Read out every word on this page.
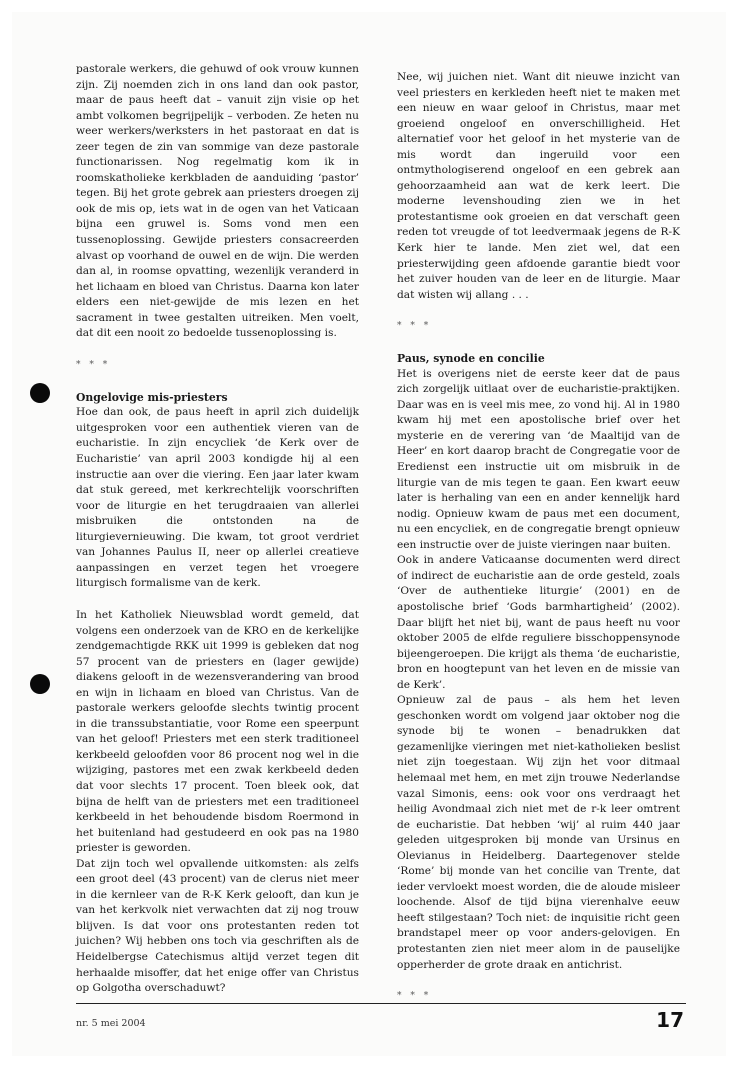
pastorale werkers, die gehuwd of ook vrouw kunnen zijn. Zij noemden zich in ons land dan ook pastor, maar de paus heeft dat – vanuit zijn visie op het ambt volkomen begrijpelijk – verboden. Ze heten nu weer werkers/werksters in het pastoraat en dat is zeer tegen de zin van sommige van deze pastorale functionarissen. Nog regelmatig kom ik in roomskatholieke kerkbladen de aanduiding ‘pastor’ tegen. Bij het grote gebrek aan priesters droegen zij ook de mis op, iets wat in de ogen van het Vaticaan bijna een gruwel is. Soms vond men een tussenoplossing. Gewijde priesters consacreerden alvast op voorhand de ouwel en de wijn. Die werden dan al, in roomse opvatting, wezenlijk veranderd in het lichaam en bloed van Christus. Daarna kon later elders een niet-gewijde de mis lezen en het sacrament in twee gestalten uitreiken. Men voelt, dat dit een nooit zo bedoelde tussenoplossing is.

* * *
Ongelovige mis-priesters

Hoe dan ook, de paus heeft in april zich duidelijk uitgesproken voor een authentiek vieren van de eucharistie. In zijn encycliek ‘de Kerk over de Eucharistie’ van april 2003 kondigde hij al een instructie aan over die viering. Een jaar later kwam dat stuk gereed, met kerkrechtelijk voorschriften voor de liturgie en het terugdraaien van allerlei misbruiken die ontstonden na de liturgievernieuwing. Die kwam, tot groot verdriet van Johannes Paulus II, neer op allerlei creatieve aanpassingen en verzet tegen het vroegere liturgisch formalisme van de kerk.

In het Katholiek Nieuwsblad wordt gemeld, dat volgens een onderzoek van de KRO en de kerkelijke zendgemachtigde RKK uit 1999 is gebleken dat nog 57 procent van de priesters en (lager gewijde) diakens gelooft in de wezensverandering van brood en wijn in lichaam en bloed van Christus. Van de pastorale werkers geloofde slechts twintig procent in die transsubstantiatie, voor Rome een speerpunt van het geloof! Priesters met een sterk traditioneel kerkbeeld geloofden voor 86 procent nog wel in die wijziging, pastores met een zwak kerkbeeld deden dat voor slechts 17 procent. Toen bleek ook, dat bijna de helft van de priesters met een traditioneel kerkbeeld in het behoudende bisdom Roermond in het buitenland had gestudeerd en ook pas na 1980 priester is geworden.

Dat zijn toch wel opvallende uitkomsten: als zelfs een groot deel (43 procent) van de clerus niet meer in die kernleer van de R-K Kerk gelooft, dan kun je van het kerkvolk niet verwachten dat zij nog trouw blijven. Is dat voor ons protestanten reden tot juichen? Wij hebben ons toch via geschriften als de Heidelbergse Catechismus altijd verzet tegen dit herhaalde misoffer, dat het enige offer van Christus op Golgotha overschaduwt?

Nee, wij juichen niet. Want dit nieuwe inzicht van veel priesters en kerkleden heeft niet te maken met een nieuw en waar geloof in Christus, maar met groeiend ongeloof en onverschilligheid. Het alternatief voor het geloof in het mysterie van de mis wordt dan ingeruild voor een ontmythologiserend ongeloof en een gebrek aan gehoorzaamheid aan wat de kerk leert. Die moderne levenshouding zien we in het protestantisme ook groeien en dat verschaft geen reden tot vreugde of tot leedvermaak jegens de R-K Kerk hier te lande. Men ziet wel, dat een priesterwijding geen afdoende garantie biedt voor het zuiver houden van de leer en de liturgie. Maar dat wisten wij allang . . .

* * *
Paus, synode en concilie

Het is overigens niet de eerste keer dat de paus zich zorgelijk uitlaat over de eucharistie-praktijken. Daar was en is veel mis mee, zo vond hij. Al in 1980 kwam hij met een apostolische brief over het mysterie en de verering van ‘de Maaltijd van de Heer’ en kort daarop bracht de Congregatie voor de Eredienst een instructie uit om misbruik in de liturgie van de mis tegen te gaan. Een kwart eeuw later is herhaling van een en ander kennelijk hard nodig. Opnieuw kwam de paus met een document, nu een encycliek, en de congregatie brengt opnieuw een instructie over de juiste vieringen naar buiten.

Ook in andere Vaticaanse documenten werd direct of indirect de eucharistie aan de orde gesteld, zoals ‘Over de authentieke liturgie’ (2001) en de apostolische brief ‘Gods barmhartigheid’ (2002). Daar blijft het niet bij, want de paus heeft nu voor oktober 2005 de elfde reguliere bisschoppensynode bijeengeroepen. Die krijgt als thema ‘de eucharistie, bron en hoogtepunt van het leven en de missie van de Kerk’.

Opnieuw zal de paus – als hem het leven geschonken wordt om volgend jaar oktober nog die synode bij te wonen – benadrukken dat gezamenlijke vieringen met niet-katholieken beslist niet zijn toegestaan. Wij zijn het voor ditmaal helemaal met hem, en met zijn trouwe Nederlandse vazal Simonis, eens: ook voor ons verdraagt het heilig Avondmaal zich niet met de r-k leer omtrent de eucharistie. Dat hebben ‘wij’ al ruim 440 jaar geleden uitgesproken bij monde van Ursinus en Olevianus in Heidelberg. Daartegenover stelde ‘Rome’ bij monde van het concilie van Trente, dat ieder vervloekt moest worden, die de aloude misleer loochende. Alsof de tijd bijna vierenhalve eeuw heeft stilgestaan? Toch niet: de inquisitie richt geen brandstapel meer op voor anders-gelovigen. En protestanten zien niet meer alom in de pauselijke opperherder de grote draak en antichrist.

* * *
nr. 5 mei 2004	17
